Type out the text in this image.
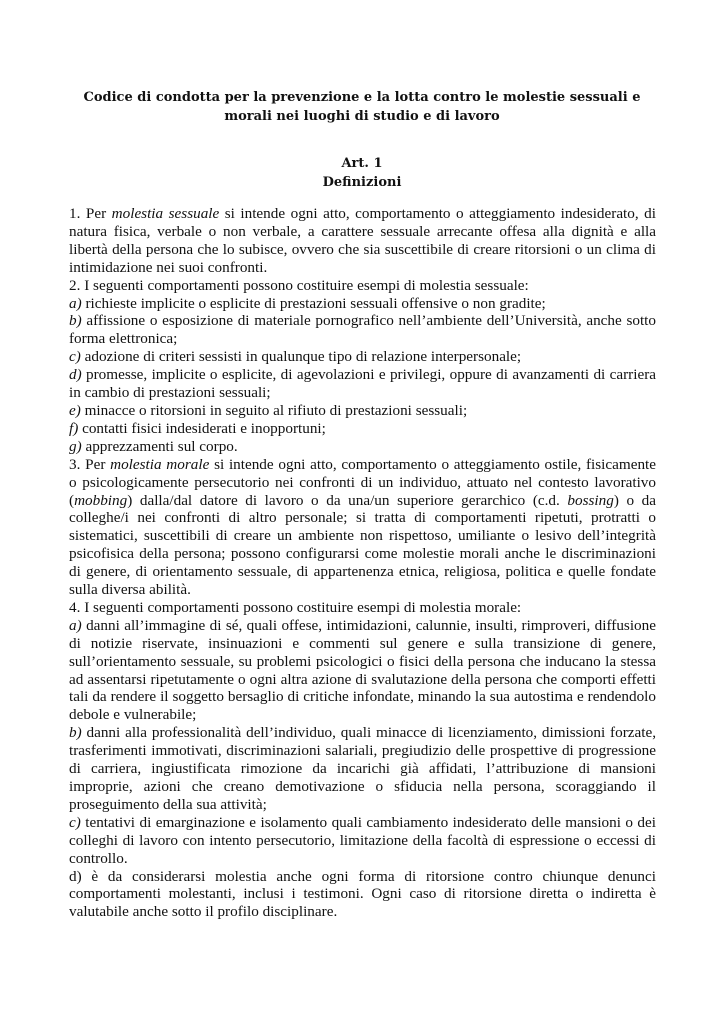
Codice di condotta per la prevenzione e la lotta contro le molestie sessuali e morali nei luoghi di studio e di lavoro
Art. 1
Definizioni

1. Per molestia sessuale si intende ogni atto, comportamento o atteggiamento indesiderato, di natura fisica, verbale o non verbale, a carattere sessuale arrecante offesa alla dignità e alla libertà della persona che lo subisce, ovvero che sia suscettibile di creare ritorsioni o un clima di intimidazione nei suoi confronti.

2. I seguenti comportamenti possono costituire esempi di molestia sessuale:

a) richieste implicite o esplicite di prestazioni sessuali offensive o non gradite;

b) affissione o esposizione di materiale pornografico nell’ambiente dell’Università, anche sotto forma elettronica;

c) adozione di criteri sessisti in qualunque tipo di relazione interpersonale;

d) promesse, implicite o esplicite, di agevolazioni e privilegi, oppure di avanzamenti di carriera in cambio di prestazioni sessuali;

e) minacce o ritorsioni in seguito al rifiuto di prestazioni sessuali;

f) contatti fisici indesiderati e inopportuni;

g) apprezzamenti sul corpo.

3. Per molestia morale si intende ogni atto, comportamento o atteggiamento ostile, fisicamente o psicologicamente persecutorio nei confronti di un individuo, attuato nel contesto lavorativo (mobbing) dalla/dal datore di lavoro o da una/un superiore gerarchico (c.d. bossing) o da colleghe/i nei confronti di altro personale; si tratta di comportamenti ripetuti, protratti o sistematici, suscettibili di creare un ambiente non rispettoso, umiliante o lesivo dell’integrità psicofisica della persona; possono configurarsi come molestie morali anche le discriminazioni di genere, di orientamento sessuale, di appartenenza etnica, religiosa, politica e quelle fondate sulla diversa abilità.

4. I seguenti comportamenti possono costituire esempi di molestia morale:

a) danni all’immagine di sé, quali offese, intimidazioni, calunnie, insulti, rimproveri, diffusione di notizie riservate, insinuazioni e commenti sul genere e sulla transizione di genere, sull’orientamento sessuale, su problemi psicologici o fisici della persona che inducano la stessa ad assentarsi ripetutamente o ogni altra azione di svalutazione della persona che comporti effetti tali da rendere il soggetto bersaglio di critiche infondate, minando la sua autostima e rendendolo debole e vulnerabile;

b) danni alla professionalità dell’individuo, quali minacce di licenziamento, dimissioni forzate, trasferimenti immotivati, discriminazioni salariali, pregiudizio delle prospettive di progressione di carriera, ingiustificata rimozione da incarichi già affidati, l’attribuzione di mansioni improprie, azioni che creano demotivazione o sfiducia nella persona, scoraggiando il proseguimento della sua attività;

c) tentativi di emarginazione e isolamento quali cambiamento indesiderato delle mansioni o dei colleghi di lavoro con intento persecutorio, limitazione della facoltà di espressione o eccessi di controllo.

d) è da considerarsi molestia anche ogni forma di ritorsione contro chiunque denunci comportamenti molestanti, inclusi i testimoni. Ogni caso di ritorsione diretta o indiretta è valutabile anche sotto il profilo disciplinare.
